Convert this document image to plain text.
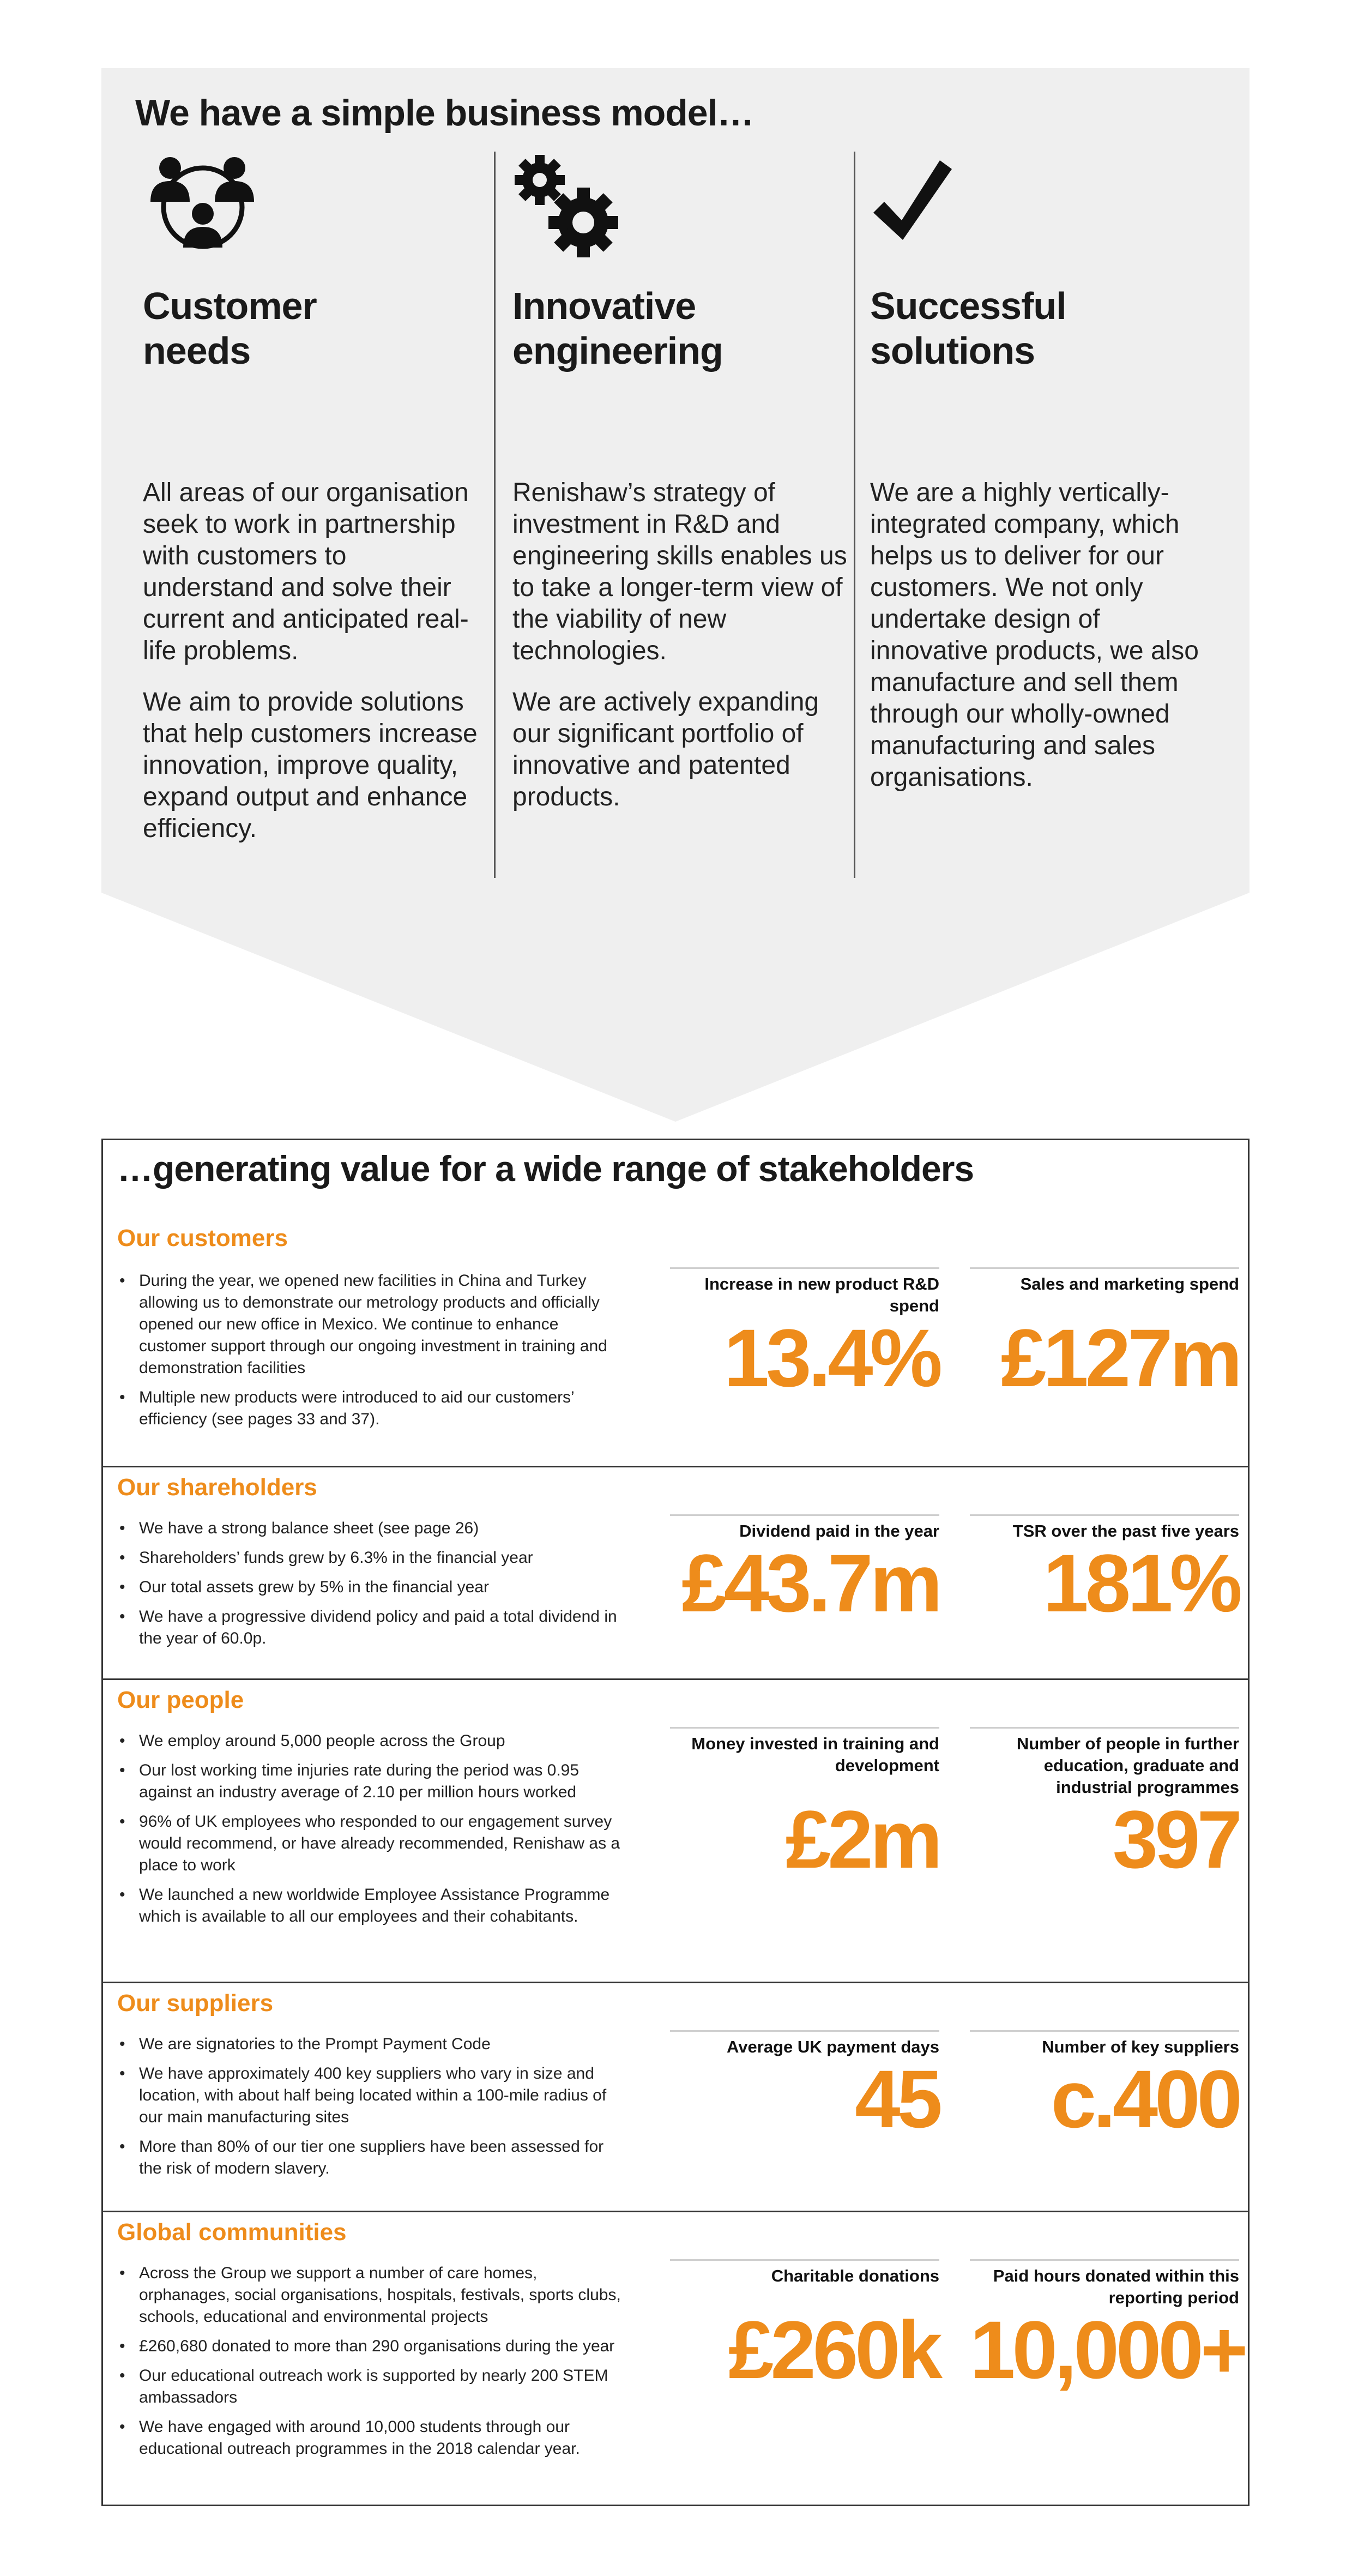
We have a simple business model…
Customer
needs

All areas of our organisation seek to work in partnership with customers to understand and solve their current and anticipated real-life problems.

We aim to provide solutions that help customers increase innovation, improve quality, expand output and enhance efficiency.

Innovative
engineering

Renishaw’s strategy of investment in R&D and engineering skills enables us to take a longer-term view of the viability of new technologies.

We are actively expanding our significant portfolio of innovative and patented products.

Successful
solutions

We are a highly vertically-integrated company, which helps us to deliver for our customers. We not only undertake design of innovative products, we also manufacture and sell them through our wholly-owned manufacturing and sales organisations.

…generating value for a wide range of stakeholders
Our customers
• During the year, we opened new facilities in China and Turkey allowing us to demonstrate our metrology products and officially opened our new office in Mexico. We continue to enhance customer support through our ongoing investment in training and demonstration facilities
• Multiple new products were introduced to aid our customers’ efficiency (see pages 33 and 37).
Increase in new product R&D spend
13.4%
Sales and marketing spend
£127m
Our shareholders
• We have a strong balance sheet (see page 26)
• Shareholders’ funds grew by 6.3% in the financial year
• Our total assets grew by 5% in the financial year
• We have a progressive dividend policy and paid a total dividend in the year of 60.0p.
Dividend paid in the year
£43.7m
TSR over the past five years
181%
Our people
• We employ around 5,000 people across the Group
• Our lost working time injuries rate during the period was 0.95 against an industry average of 2.10 per million hours worked
• 96% of UK employees who responded to our engagement survey would recommend, or have already recommended, Renishaw as a place to work
• We launched a new worldwide Employee Assistance Programme which is available to all our employees and their cohabitants.
Money invested in training and development
£2m
Number of people in further education, graduate and industrial programmes
397
Our suppliers
• We are signatories to the Prompt Payment Code
• We have approximately 400 key suppliers who vary in size and location, with about half being located within a 100-mile radius of our main manufacturing sites
• More than 80% of our tier one suppliers have been assessed for the risk of modern slavery.
Average UK payment days
45
Number of key suppliers
c.400
Global communities
• Across the Group we support a number of care homes, orphanages, social organisations, hospitals, festivals, sports clubs, schools, educational and environmental projects
• £260,680 donated to more than 290 organisations during the year
• Our educational outreach work is supported by nearly 200 STEM ambassadors
• We have engaged with around 10,000 students through our educational outreach programmes in the 2018 calendar year.
Charitable donations
£260k
Paid hours donated within this reporting period
10,000+
